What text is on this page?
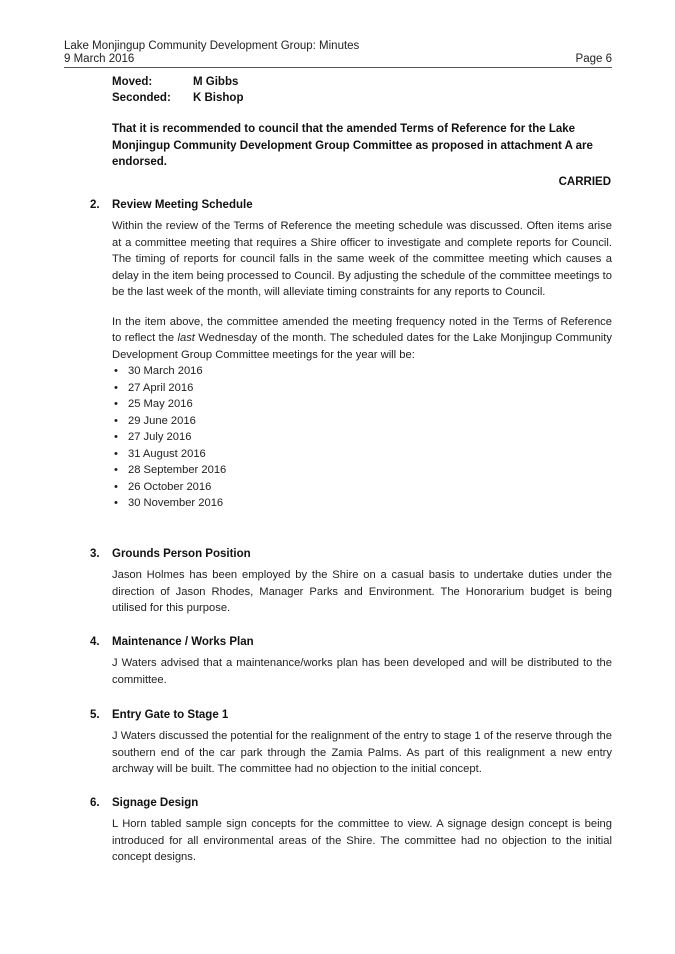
Lake Monjingup Community Development Group: Minutes
9 March 2016	Page 6
Moved:	M Gibbs
Seconded:	K Bishop
That it is recommended to council that the amended Terms of Reference for the Lake Monjingup Community Development Group Committee as proposed in attachment A are endorsed.
CARRIED
2.	Review Meeting Schedule
Within the review of the Terms of Reference the meeting schedule was discussed. Often items arise at a committee meeting that requires a Shire officer to investigate and complete reports for Council. The timing of reports for council falls in the same week of the committee meeting which causes a delay in the item being processed to Council. By adjusting the schedule of the committee meetings to be the last week of the month, will alleviate timing constraints for any reports to Council.
In the item above, the committee amended the meeting frequency noted in the Terms of Reference to reflect the last Wednesday of the month. The scheduled dates for the Lake Monjingup Community Development Group Committee meetings for the year will be:
• 30 March 2016
• 27 April 2016
• 25 May 2016
• 29 June 2016
• 27 July 2016
• 31 August 2016
• 28 September 2016
• 26 October 2016
• 30 November 2016
3.	Grounds Person Position
Jason Holmes has been employed by the Shire on a casual basis to undertake duties under the direction of Jason Rhodes, Manager Parks and Environment. The Honorarium budget is being utilised for this purpose.
4.	Maintenance / Works Plan
J Waters advised that a maintenance/works plan has been developed and will be distributed to the committee.
5.	Entry Gate to Stage 1
J Waters discussed the potential for the realignment of the entry to stage 1 of the reserve through the southern end of the car park through the Zamia Palms. As part of this realignment a new entry archway will be built. The committee had no objection to the initial concept.
6.	Signage Design
L Horn tabled sample sign concepts for the committee to view. A signage design concept is being introduced for all environmental areas of the Shire. The committee had no objection to the initial concept designs.
